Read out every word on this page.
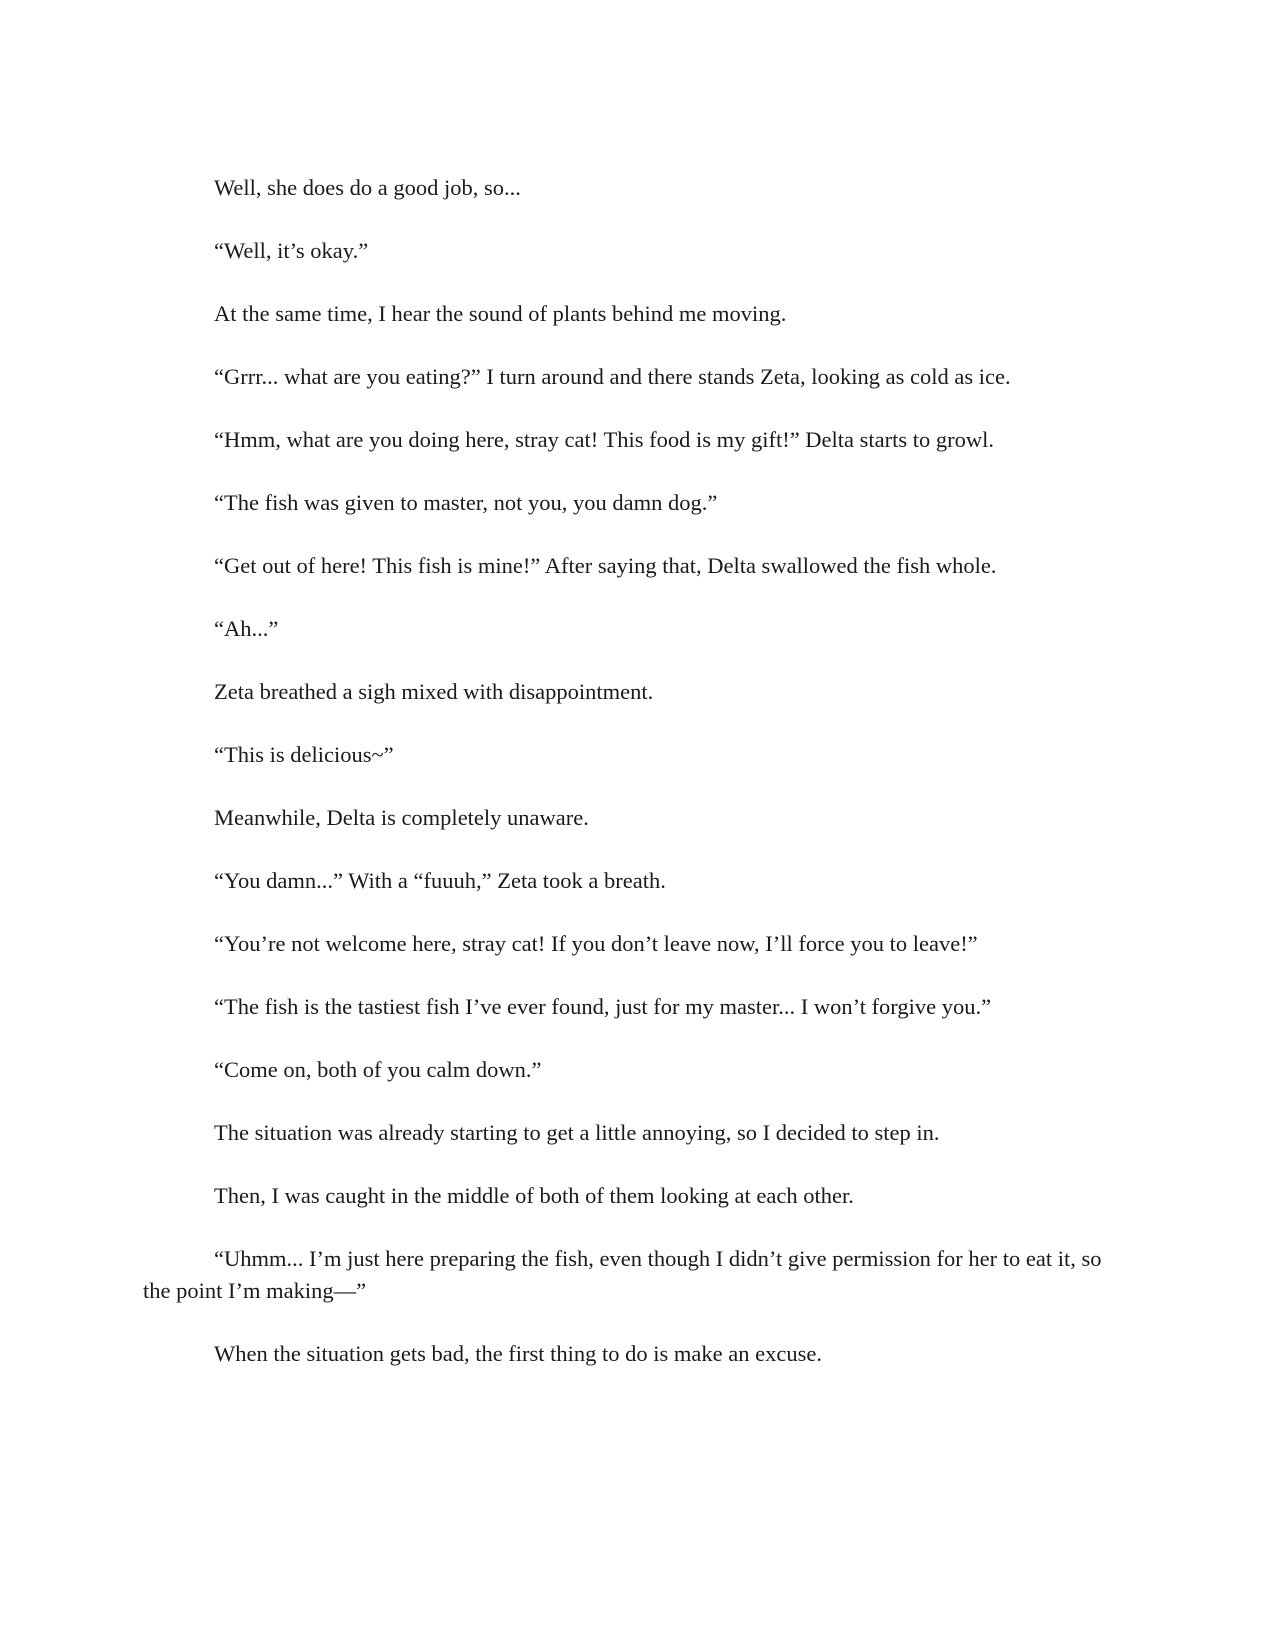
Well, she does do a good job, so...

“Well, it’s okay.”

At the same time, I hear the sound of plants behind me moving.

“Grrr... what are you eating?” I turn around and there stands Zeta, looking as cold as ice.

“Hmm, what are you doing here, stray cat! This food is my gift!” Delta starts to growl.

“The fish was given to master, not you, you damn dog.”

“Get out of here! This fish is mine!” After saying that, Delta swallowed the fish whole.

“Ah...”

Zeta breathed a sigh mixed with disappointment.

“This is delicious~”

Meanwhile, Delta is completely unaware.

“You damn...” With a “fuuuh,” Zeta took a breath.

“You’re not welcome here, stray cat! If you don’t leave now, I’ll force you to leave!”

“The fish is the tastiest fish I’ve ever found, just for my master... I won’t forgive you.”

“Come on, both of you calm down.”

The situation was already starting to get a little annoying, so I decided to step in.

Then, I was caught in the middle of both of them looking at each other.

“Uhmm... I’m just here preparing the fish, even though I didn’t give permission for her to eat it, so the point I’m making—”

When the situation gets bad, the first thing to do is make an excuse.
